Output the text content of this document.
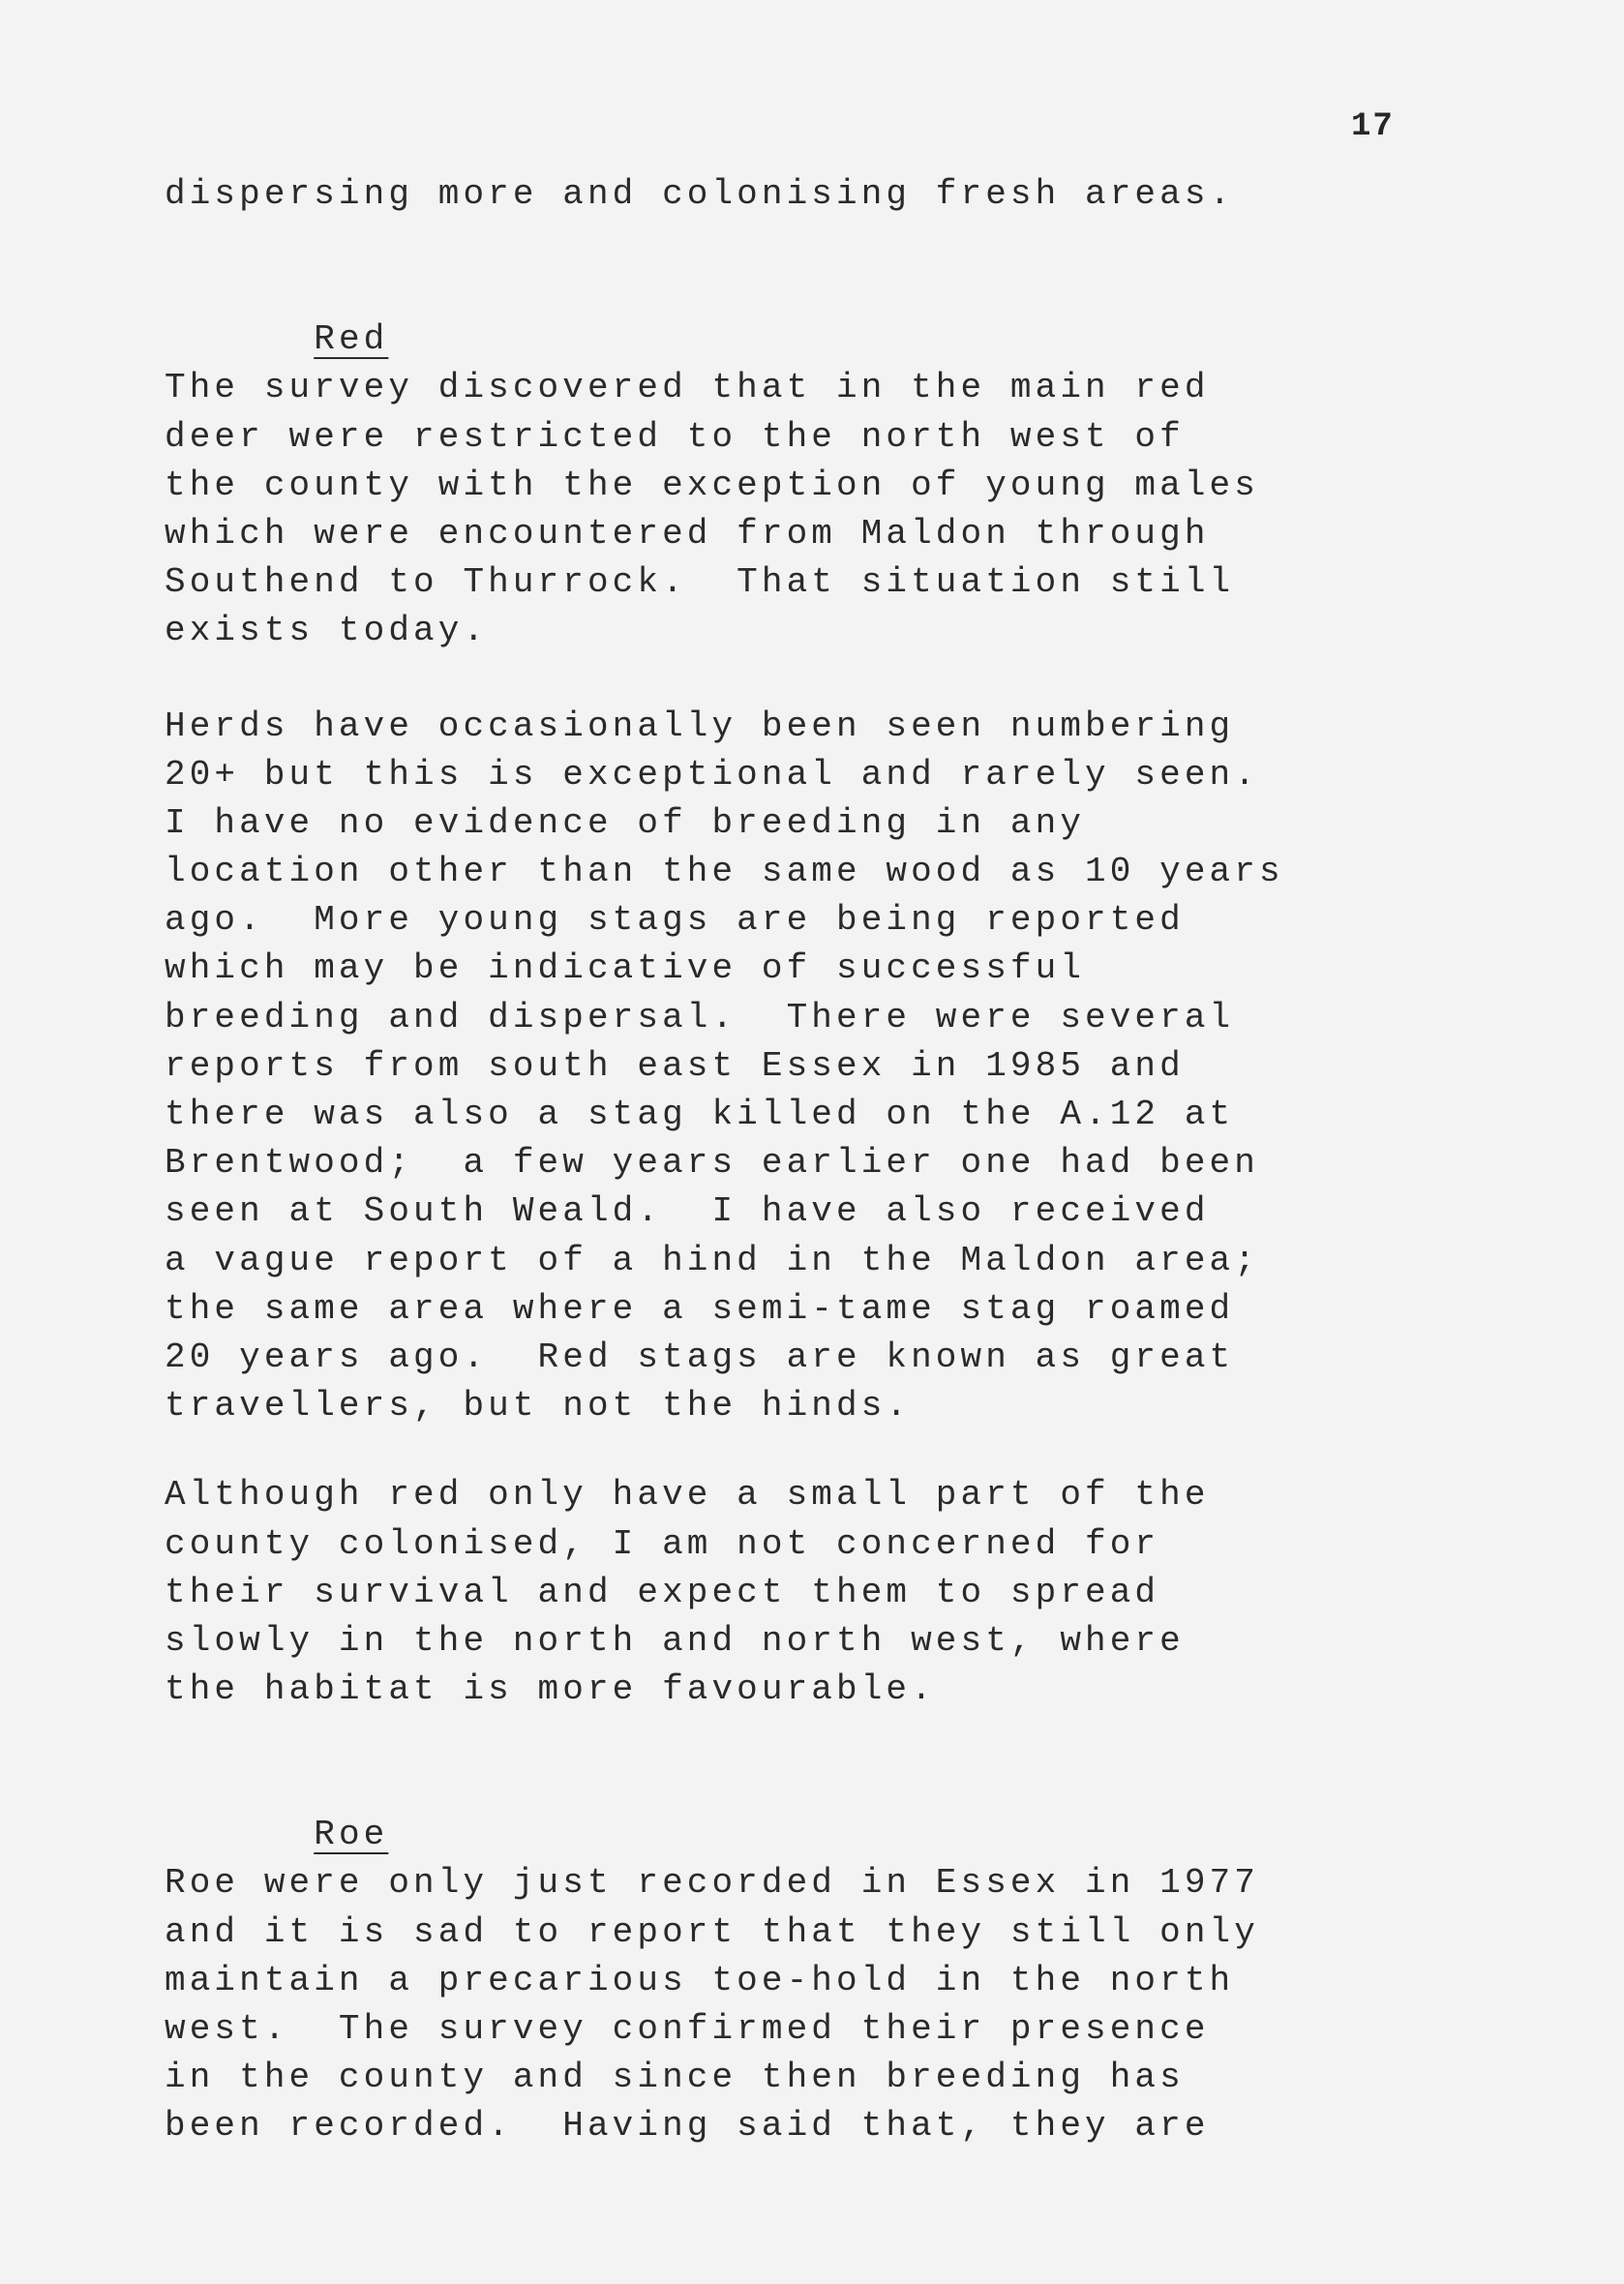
17
dispersing more and colonising fresh areas.

Red

The survey discovered that in the main red
deer were restricted to the north west of
the county with the exception of young males
which were encountered from Maldon through
Southend to Thurrock.  That situation still
exists today.
Herds have occasionally been seen numbering
20+ but this is exceptional and rarely seen.
I have no evidence of breeding in any
location other than the same wood as 10 years
ago.  More young stags are being reported
which may be indicative of successful
breeding and dispersal.  There were several
reports from south east Essex in 1985 and
there was also a stag killed on the A.12 at
Brentwood;  a few years earlier one had been
seen at South Weald.  I have also received
a vague report of a hind in the Maldon area;
the same area where a semi-tame stag roamed
20 years ago.  Red stags are known as great
travellers, but not the hinds.
Although red only have a small part of the
county colonised, I am not concerned for
their survival and expect them to spread
slowly in the north and north west, where
the habitat is more favourable.

Roe

Roe were only just recorded in Essex in 1977
and it is sad to report that they still only
maintain a precarious toe-hold in the north
west.  The survey confirmed their presence
in the county and since then breeding has
been recorded.  Having said that, they are
